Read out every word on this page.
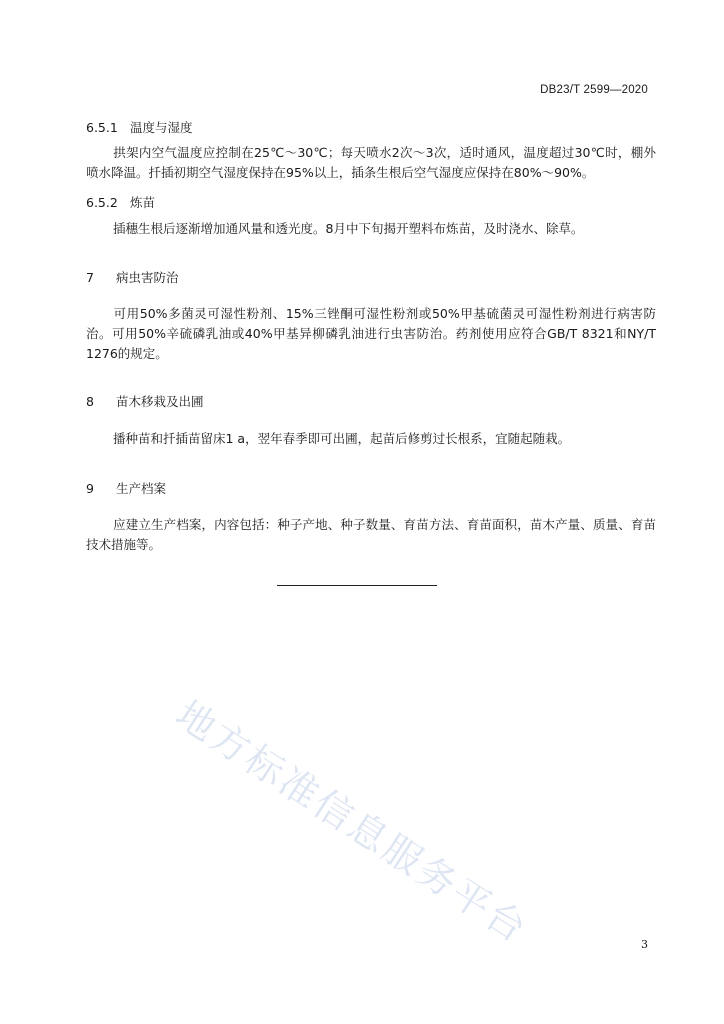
DB23/T 2599—2020
6.5.1 温度与湿度
拱架内空气温度应控制在25℃～30℃；每天喷水2次～3次，适时通风，温度超过30℃时，棚外喷水降温。扦插初期空气湿度保持在95%以上，插条生根后空气湿度应保持在80%～90%。
6.5.2 炼苗
插穗生根后逐渐增加通风量和透光度。8月中下旬揭开塑料布炼苗，及时浇水、除草。
7 病虫害防治
可用50%多菌灵可湿性粉剂、15%三锉酮可湿性粉剂或50%甲基硫菌灵可湿性粉剂进行病害防治。可用50%辛硫磷乳油或40%甲基异柳磷乳油进行虫害防治。药剂使用应符合GB/T 8321和NY/T 1276的规定。
8 苗木移栽及出圃
播种苗和扦插苗留床1 a，翌年春季即可出圃，起苗后修剪过长根系，宜随起随栽。
9 生产档案
应建立生产档案，内容包括：种子产地、种子数量、育苗方法、育苗面积，苗木产量、质量、育苗技术措施等。
地方标准信息服务平台	3
